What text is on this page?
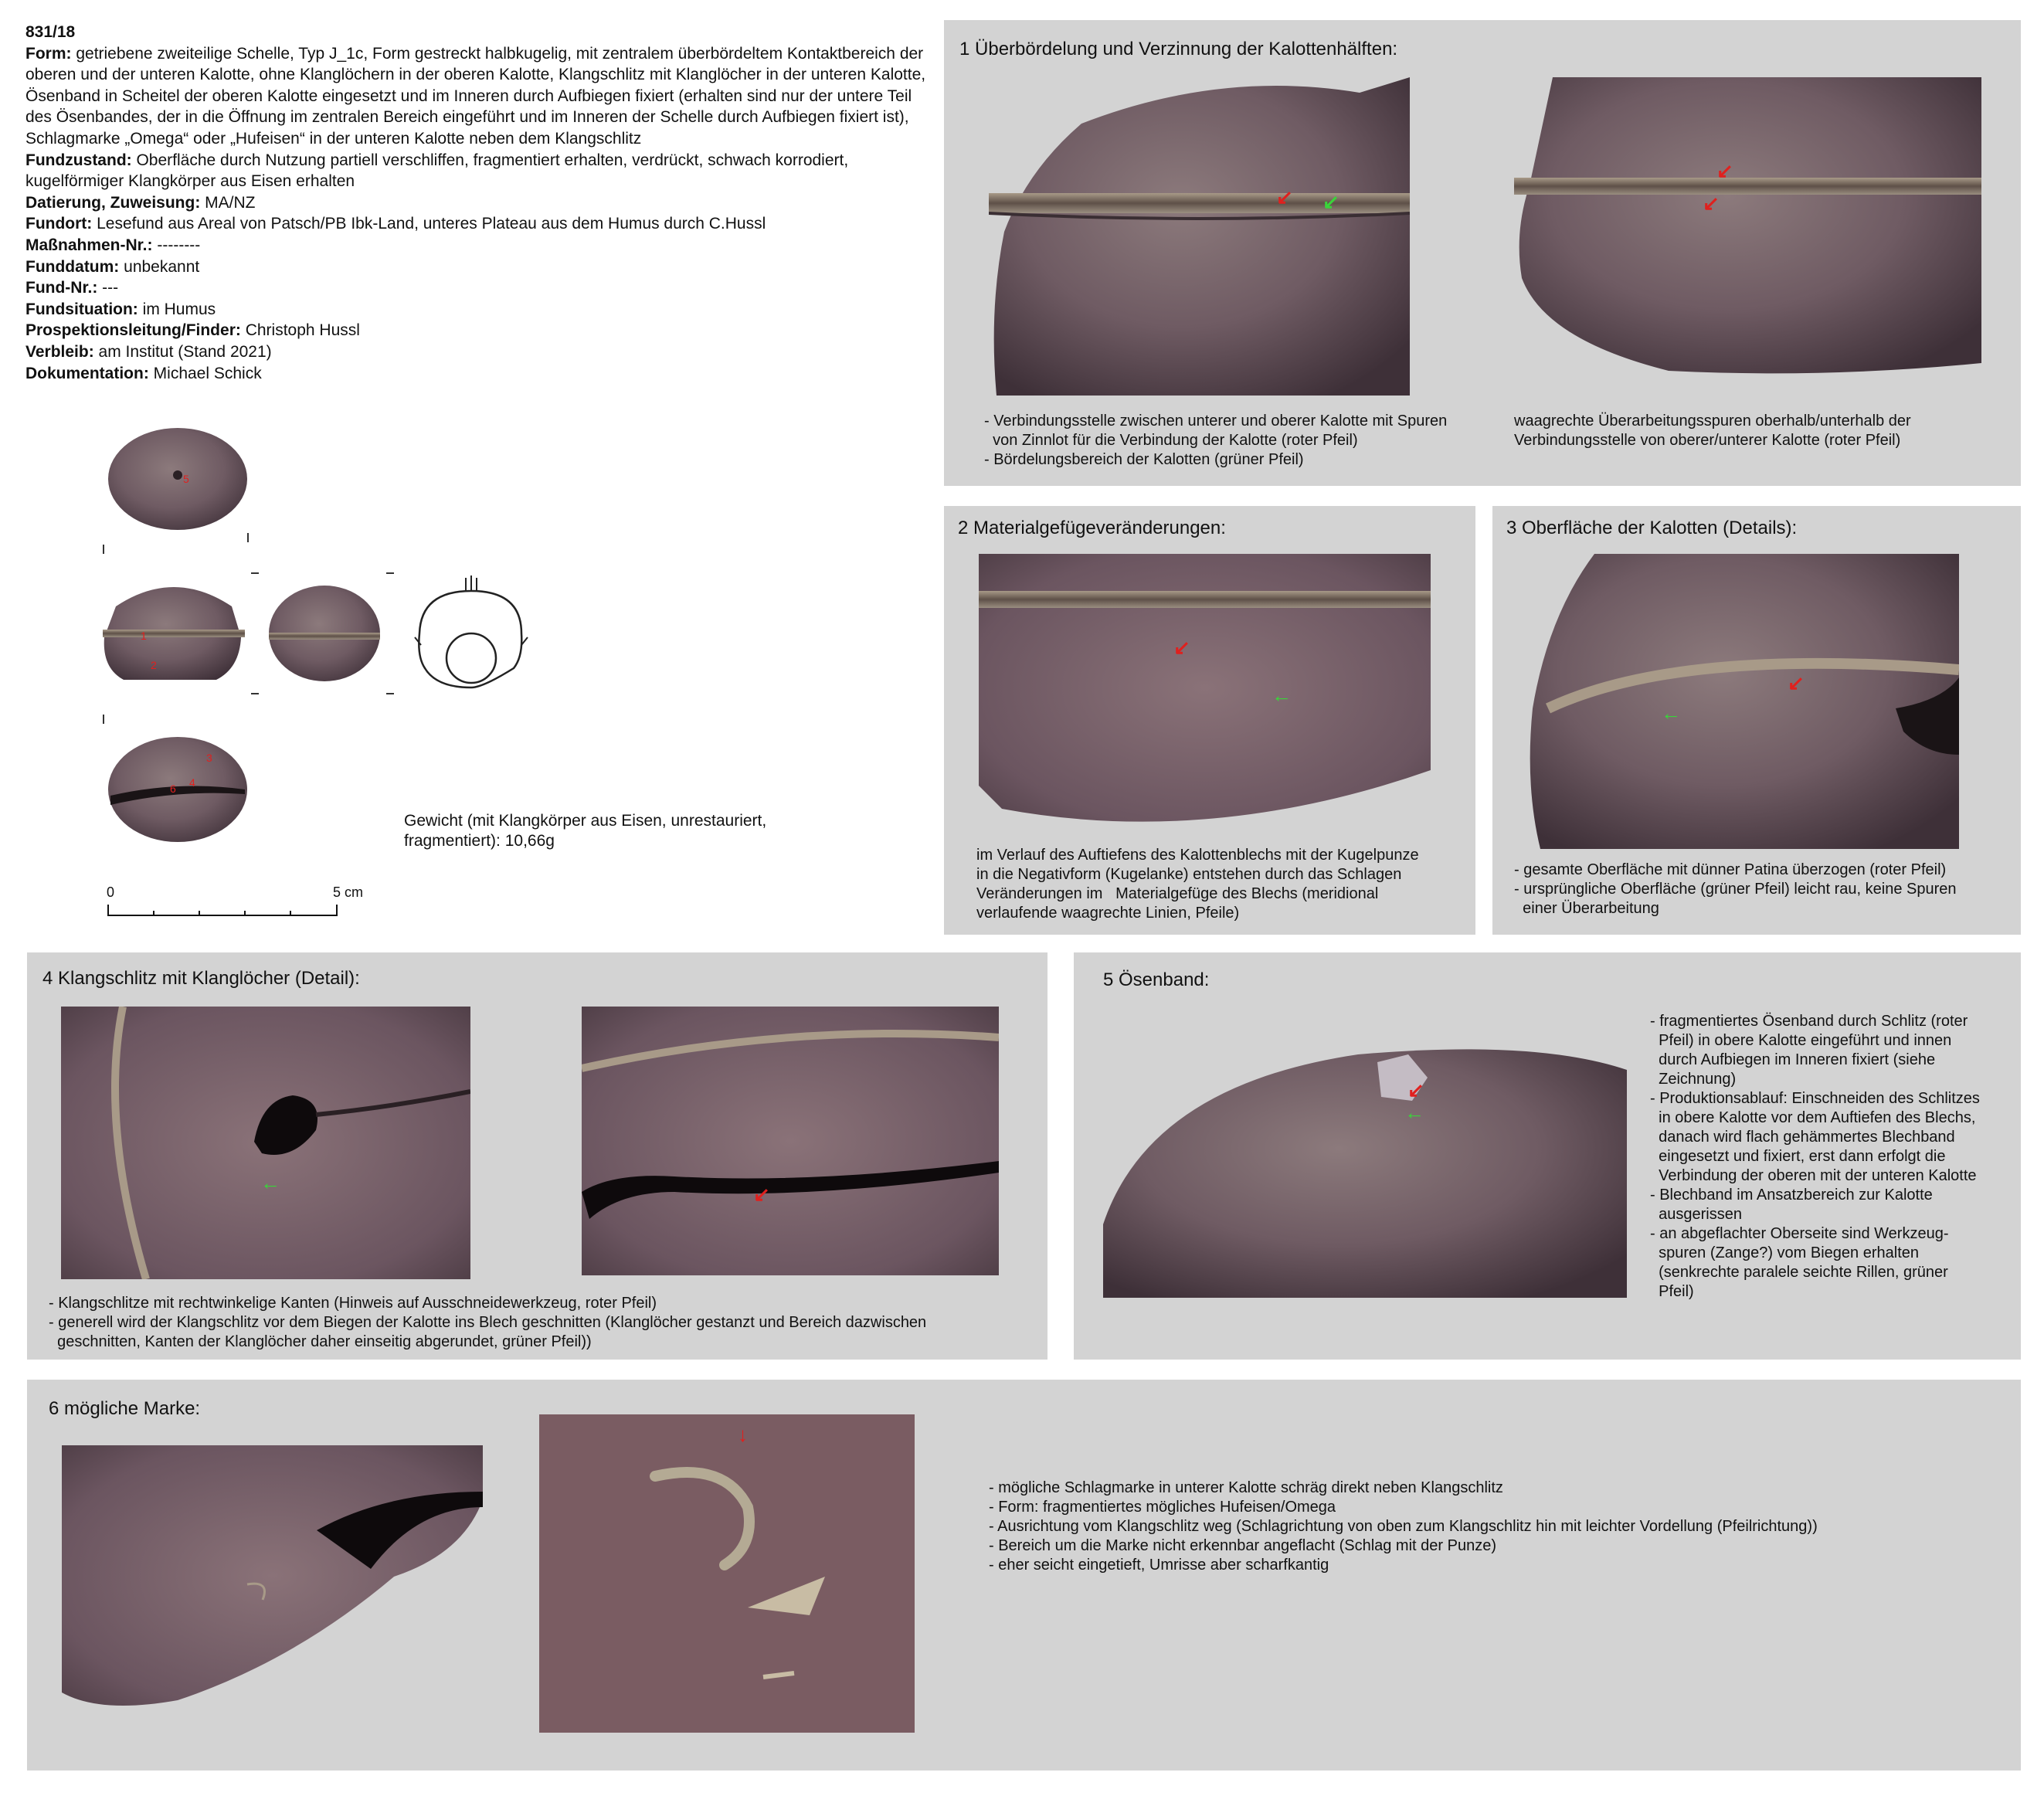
831/18
Form: getriebene zweiteilige Schelle, Typ J_1c, Form gestreckt halbkugelig, mit zentralem überbördeltem Kontaktbereich der oberen und der unteren Kalotte, ohne Klanglöchern in der oberen Kalotte, Klangschlitz mit Klanglöcher in der unteren Kalotte, Ösenband in Scheitel der oberen Kalotte eingesetzt und im Inneren durch Aufbiegen fixiert (erhalten sind nur der untere Teil des Ösenbandes, der in die Öffnung im zentralen Bereich eingeführt und im Inneren der Schelle durch Aufbiegen fixiert ist), Schlagmarke „Omega“ oder „Hufeisen“ in der unteren Kalotte neben dem Klangschlitz
Fundzustand: Oberfläche durch Nutzung partiell verschliffen, fragmentiert erhalten, verdrückt, schwach korrodiert, kugelförmiger Klangkörper aus Eisen erhalten
Datierung, Zuweisung: MA/NZ
Fundort: Lesefund aus Areal von Patsch/PB Ibk-Land, unteres Plateau aus dem Humus durch C.Hussl
Maßnahmen-Nr.: --------
Funddatum: unbekannt
Fund-Nr.: ---
Fundsituation: im Humus
Prospektionsleitung/Finder: Christoph Hussl
Verbleib: am Institut (Stand 2021)
Dokumentation: Michael Schick
5
1
2
3
4
6
Gewicht (mit Klangkörper aus Eisen, unrestauriert, fragmentiert): 10,66g
0	5 cm
1 Überbördelung und Verzinnung der Kalottenhälften:
↙ ↙
↙
↙
- Verbindungsstelle zwischen unterer und oberer Kalotte mit Spuren
von Zinnlot für die Verbindung der Kalotte (roter Pfeil)
- Bördelungsbereich der Kalotten (grüner Pfeil)
waagrechte Überarbeitungsspuren oberhalb/unterhalb der
Verbindungsstelle von oberer/unterer Kalotte (roter Pfeil)
2 Materialgefügeveränderungen:
↙
←
im Verlauf des Auftiefens des Kalottenblechs mit der Kugelpunze
in die Negativform (Kugelanke) entstehen durch das Schlagen
Veränderungen im   Materialgefüge des Blechs (meridional
verlaufende waagrechte Linien, Pfeile)
3 Oberfläche der Kalotten (Details):
↙
←
- gesamte Oberfläche mit dünner Patina überzogen (roter Pfeil)
- ursprüngliche Oberfläche (grüner Pfeil) leicht rau, keine Spuren
einer Überarbeitung
4 Klangschlitz mit Klanglöcher (Detail):
←	↙
- Klangschlitze mit rechtwinkelige Kanten (Hinweis auf Ausschneidewerkzeug, roter Pfeil)
- generell wird der Klangschlitz vor dem Biegen der Kalotte ins Blech geschnitten (Klanglöcher gestanzt und Bereich dazwischen
geschnitten, Kanten der Klanglöcher daher einseitig abgerundet, grüner Pfeil))
5 Ösenband:
↙
←
- fragmentiertes Ösenband durch Schlitz (roter
Pfeil) in obere Kalotte eingeführt und innen
durch Aufbiegen im Inneren fixiert (siehe
Zeichnung)
- Produktionsablauf: Einschneiden des Schlitzes
in obere Kalotte vor dem Auftiefen des Blechs,
danach wird flach gehämmertes Blechband
eingesetzt und fixiert, erst dann erfolgt die
Verbindung der oberen mit der unteren Kalotte
- Blechband im Ansatzbereich zur Kalotte
ausgerissen
- an abgeflachter Oberseite sind Werkzeug-
spuren (Zange?) vom Biegen erhalten
(senkrechte paralele seichte Rillen, grüner
Pfeil)
6 mögliche Marke:
↓
- mögliche Schlagmarke in unterer Kalotte schräg direkt neben Klangschlitz
- Form: fragmentiertes mögliches Hufeisen/Omega
- Ausrichtung vom Klangschlitz weg (Schlagrichtung von oben zum Klangschlitz hin mit leichter Vordellung (Pfeilrichtung))
- Bereich um die Marke nicht erkennbar angeflacht (Schlag mit der Punze)
- eher seicht eingetieft, Umrisse aber scharfkantig
